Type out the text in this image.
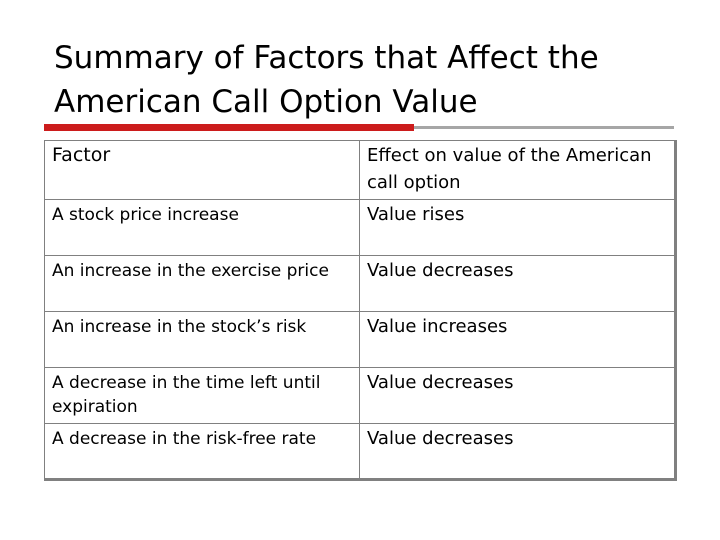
Summary of Factors that Affect the
American Call Option Value
Factor	Effect on value of the American call option
A stock price increase	Value rises
An increase in the exercise price	Value decreases
An increase in the stock’s risk	Value increases
A decrease in the time left until expiration	Value decreases
A decrease in the risk-free rate	Value decreases
